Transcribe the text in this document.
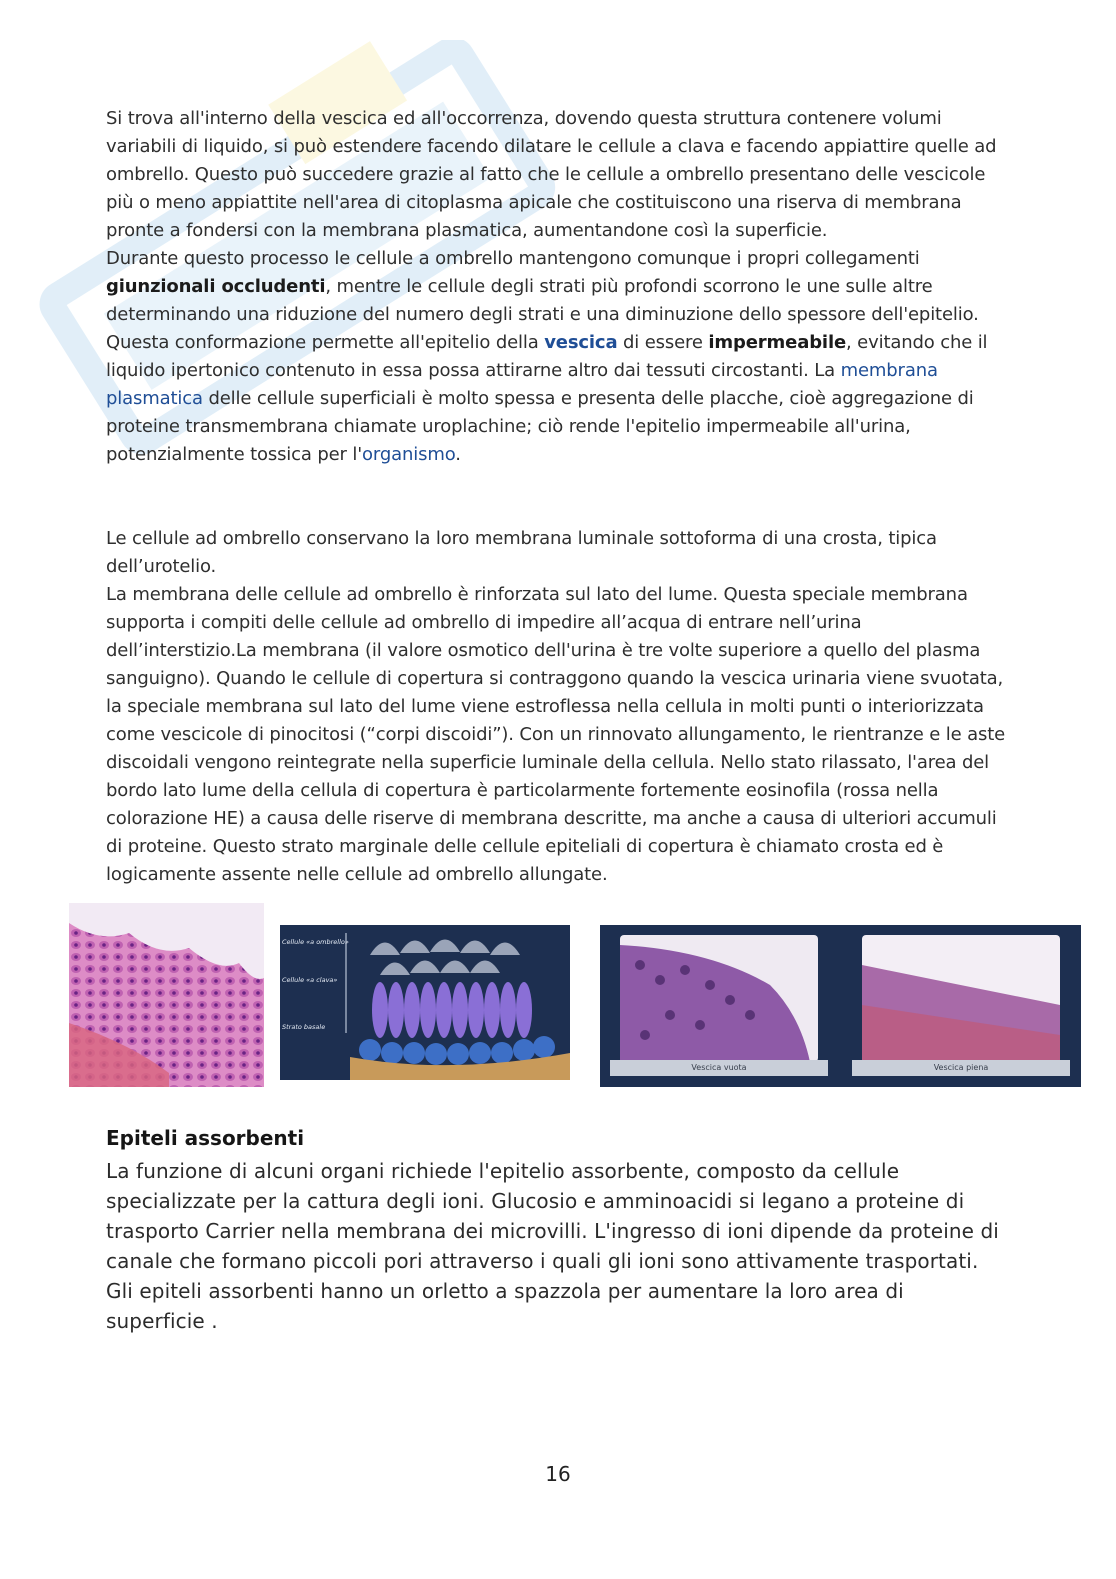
Si trova all'interno della vescica ed all'occorrenza, dovendo questa struttura contenere volumi variabili di liquido, si può estendere facendo dilatare le cellule a clava e facendo appiattire quelle ad ombrello. Questo può succedere grazie al fatto che le cellule a ombrello presentano delle vescicole più o meno appiattite nell'area di citoplasma apicale che costituiscono una riserva di membrana pronte a fondersi con la membrana plasmatica, aumentandone così la superficie.

Durante questo processo le cellule a ombrello mantengono comunque i propri collegamenti giunzionali occludenti, mentre le cellule degli strati più profondi scorrono le une sulle altre determinando una riduzione del numero degli strati e una diminuzione dello spessore dell'epitelio.

Questa conformazione permette all'epitelio della vescica di essere impermeabile, evitando che il liquido ipertonico contenuto in essa possa attirarne altro dai tessuti circostanti. La membrana plasmatica delle cellule superficiali è molto spessa e presenta delle placche, cioè aggregazione di proteine transmembrana chiamate uroplachine; ciò rende l'epitelio impermeabile all'urina, potenzialmente tossica per l'organismo.

Le cellule ad ombrello conservano la loro membrana luminale sottoforma di una crosta, tipica dell’urotelio.

La membrana delle cellule ad ombrello è rinforzata sul lato del lume. Questa speciale membrana supporta i compiti delle cellule ad ombrello di impedire all’acqua di entrare nell’urina dell’interstizio.La membrana (il valore osmotico dell'urina è tre volte superiore a quello del plasma sanguigno). Quando le cellule di copertura si contraggono quando la vescica urinaria viene svuotata, la speciale membrana sul lato del lume viene estroflessa nella cellula in molti punti o interiorizzata come vescicole di pinocitosi (“corpi discoidi”). Con un rinnovato allungamento, le rientranze e le aste discoidali vengono reintegrate nella superficie luminale della cellula. Nello stato rilassato, l'area del bordo lato lume della cellula di copertura è particolarmente fortemente eosinofila (rossa nella colorazione HE) a causa delle riserve di membrana descritte, ma anche a causa di ulteriori accumuli di proteine. Questo strato marginale delle cellule epiteliali di copertura è chiamato crosta ed è logicamente assente nelle cellule ad ombrello allungate.

Cellule «a ombrello»
Cellule «a clava»
Strato basale
Vescica vuota	Vescica piena
Epiteli assorbenti
La funzione di alcuni organi richiede l'epitelio assorbente, composto da cellule specializzate per la cattura degli ioni. Glucosio e amminoacidi si legano a proteine di trasporto Carrier nella membrana dei microvilli. L'ingresso di ioni dipende da proteine di canale che formano piccoli pori attraverso i quali gli ioni sono attivamente trasportati. Gli epiteli assorbenti hanno un orletto a spazzola per aumentare la loro area di superficie .
16
